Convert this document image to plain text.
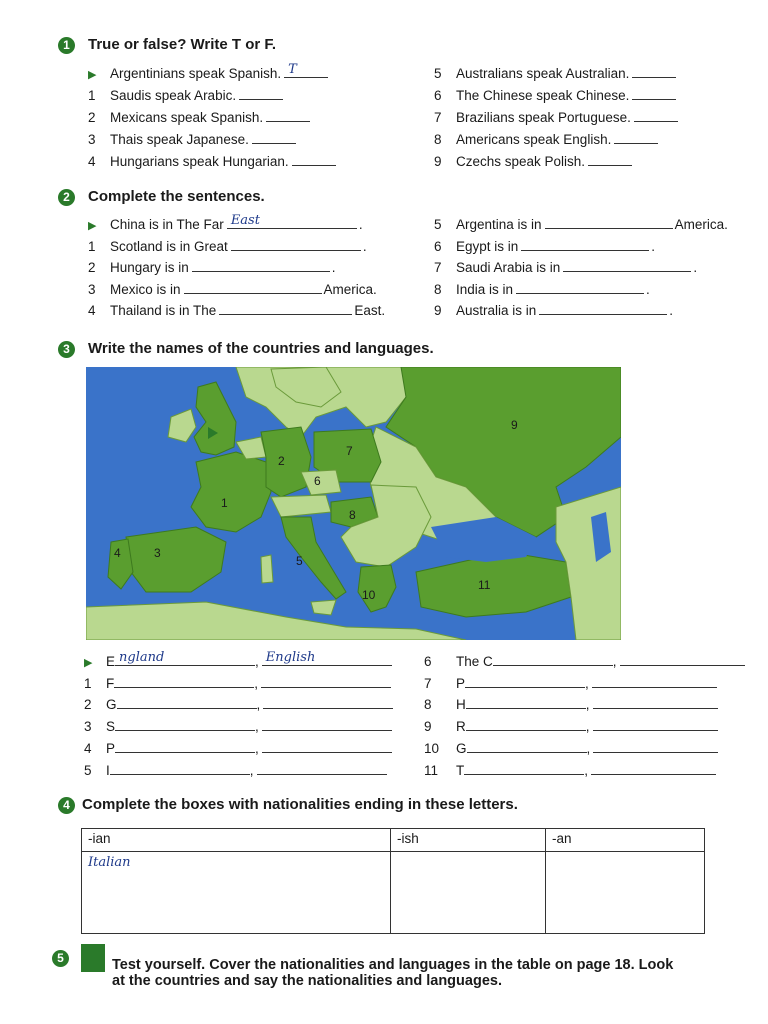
1	True or false? Write T or F.
▶ Argentinians speak Spanish. T
1 Saudis speak Arabic.
2 Mexicans speak Spanish.
3 Thais speak Japanese.
4 Hungarians speak Hungarian.
5 Australians speak Australian.
6 The Chinese speak Chinese.
7 Brazilians speak Portuguese.
8 Americans speak English.
9 Czechs speak Polish.
2	Complete the sentences.
▶ China is in The Far East	.
1 Scotland is in Great	.
2 Hungary is in	.
3 Mexico is in	America.
4 Thailand is in The	East.
5 Argentina is in	America.
6 Egypt is in	.
7 Saudi Arabia is in	.
8 India is in	.
9 Australia is in	.
3	Write the names of the countries and languages.
1
2
3
4
5
6
7
8
9
10
11
▶ E ngland	, English
1 F	,
2 G	,
3 S	,
4 P	,
5 I	,
6 The C	,
7 P	,
8 H	,
9 R	,
10 G	,
11 T	,
4 Complete the boxes with nationalities ending in these letters.
-ian	-ish	-an
Italian		
5	Test yourself. Cover the nationalities and languages in the table on page 18. Look
at the countries and say the nationalities and languages.
